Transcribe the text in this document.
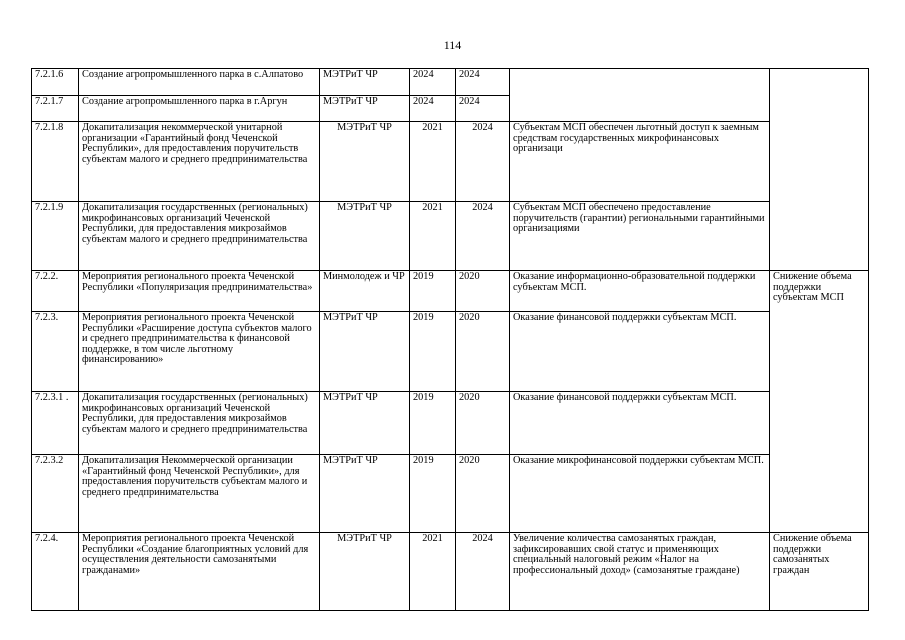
114
7.2.1.6	Создание агропромышленного парка в с.Алпатово	МЭТРиТ ЧР	2024	2024		
7.2.1.7	Создание агропромышленного парка в г.Аргун	МЭТРиТ ЧР	2024	2024		
7.2.1.8	Докапитализация некоммерческой унитарной организации «Гарантийный фонд Чеченской Республики», для предоставления поручительств субъектам малого и среднего предпринимательства	МЭТРиТ ЧР	2021	2024	Субъектам МСП обеспечен льготный доступ к заемным средствам государственных микрофинансовых организаци	
7.2.1.9	Докапитализация государственных (региональных) микрофинансовых организаций Чеченской Республики, для предоставления микрозаймов субъектам малого и среднего предпринимательства	МЭТРиТ ЧР	2021	2024	Субъектам МСП обеспечено предоставление поручительств (гарантии) региональными гарантийными организациями	
7.2.2.	Мероприятия регионального проекта Чеченской Республики «Популяризация предпринимательства»	Минмолодеж и ЧР	2019	2020	Оказание информационно-образовательной поддержки субъектам МСП.	Снижение объема поддержки субъектам МСП
7.2.3.	Мероприятия регионального проекта Чеченской Республики «Расширение доступа субъектов малого и среднего предпринимательства к финансовой поддержке, в том числе льготному финансированию»	МЭТРиТ ЧР	2019	2020	Оказание финансовой поддержки субъектам МСП.	
7.2.3.1 .	Докапитализация государственных (региональных) микрофинансовых организаций Чеченской Республики, для предоставления микрозаймов субъектам малого и среднего предпринимательства	МЭТРиТ ЧР	2019	2020	Оказание финансовой поддержки субъектам МСП.	
7.2.3.2	Докапитализация Некоммерческой организации «Гарантийный фонд Чеченской Республики», для предоставления поручительств субъектам малого и среднего предпринимательства	МЭТРиТ ЧР	2019	2020	Оказание микрофинансовой поддержки субъектам МСП.	
7.2.4.	Мероприятия регионального проекта Чеченской Республики «Создание благоприятных условий для осуществления деятельности самозанятыми гражданами»	МЭТРиТ ЧР	2021	2024	Увеличение количества самозанятых граждан, зафиксировавших свой статус и применяющих специальный налоговый режим «Налог на профессиональный доход» (самозанятые граждане)	Снижение объема поддержки самозанятых граждан
